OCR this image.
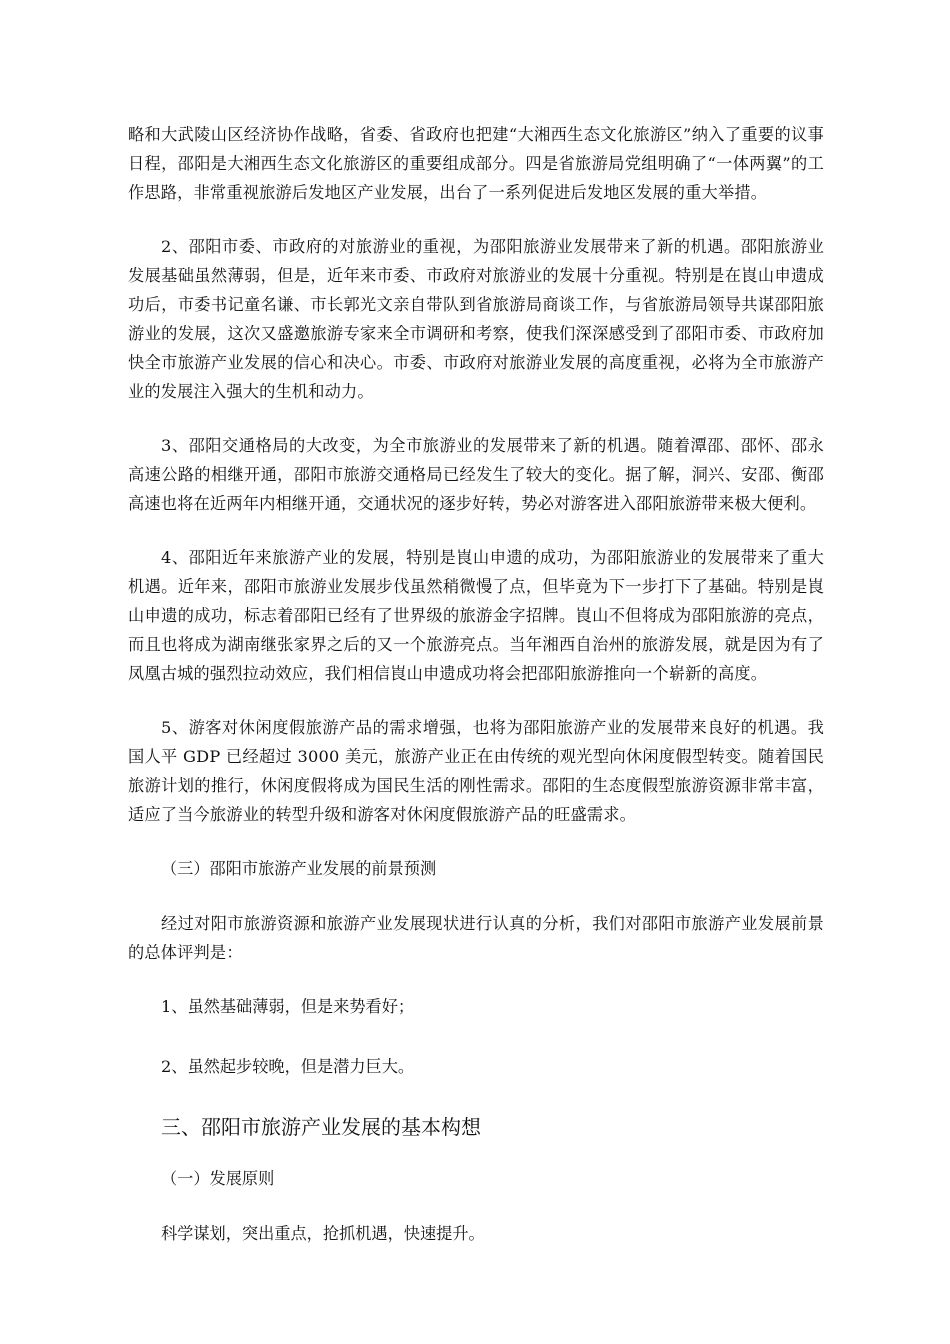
略和大武陵山区经济协作战略，省委、省政府也把建“大湘西生态文化旅游区”纳入了重要的议事日程，邵阳是大湘西生态文化旅游区的重要组成部分。四是省旅游局党组明确了“一体两翼”的工作思路，非常重视旅游后发地区产业发展，出台了一系列促进后发地区发展的重大举措。

2、邵阳市委、市政府的对旅游业的重视，为邵阳旅游业发展带来了新的机遇。邵阳旅游业发展基础虽然薄弱，但是，近年来市委、市政府对旅游业的发展十分重视。特别是在崀山申遗成功后，市委书记童名谦、市长郭光文亲自带队到省旅游局商谈工作，与省旅游局领导共谋邵阳旅游业的发展，这次又盛邀旅游专家来全市调研和考察，使我们深深感受到了邵阳市委、市政府加快全市旅游产业发展的信心和决心。市委、市政府对旅游业发展的高度重视，必将为全市旅游产业的发展注入强大的生机和动力。

3、邵阳交通格局的大改变，为全市旅游业的发展带来了新的机遇。随着潭邵、邵怀、邵永高速公路的相继开通，邵阳市旅游交通格局已经发生了较大的变化。据了解，洞兴、安邵、衡邵高速也将在近两年内相继开通，交通状况的逐步好转，势必对游客进入邵阳旅游带来极大便利。

4、邵阳近年来旅游产业的发展，特别是崀山申遗的成功，为邵阳旅游业的发展带来了重大机遇。近年来，邵阳市旅游业发展步伐虽然稍微慢了点，但毕竟为下一步打下了基础。特别是崀山申遗的成功，标志着邵阳已经有了世界级的旅游金字招牌。崀山不但将成为邵阳旅游的亮点，而且也将成为湖南继张家界之后的又一个旅游亮点。当年湘西自治州的旅游发展，就是因为有了凤凰古城的强烈拉动效应，我们相信崀山申遗成功将会把邵阳旅游推向一个崭新的高度。

5、游客对休闲度假旅游产品的需求增强，也将为邵阳旅游产业的发展带来良好的机遇。我国人平 GDP 已经超过 3000 美元，旅游产业正在由传统的观光型向休闲度假型转变。随着国民旅游计划的推行，休闲度假将成为国民生活的刚性需求。邵阳的生态度假型旅游资源非常丰富，适应了当今旅游业的转型升级和游客对休闲度假旅游产品的旺盛需求。

（三）邵阳市旅游产业发展的前景预测

经过对阳市旅游资源和旅游产业发展现状进行认真的分析，我们对邵阳市旅游产业发展前景的总体评判是：

1、虽然基础薄弱，但是来势看好；
2、虽然起步较晚，但是潜力巨大。
三、邵阳市旅游产业发展的基本构想
（一）发展原则
科学谋划，突出重点，抢抓机遇，快速提升。
